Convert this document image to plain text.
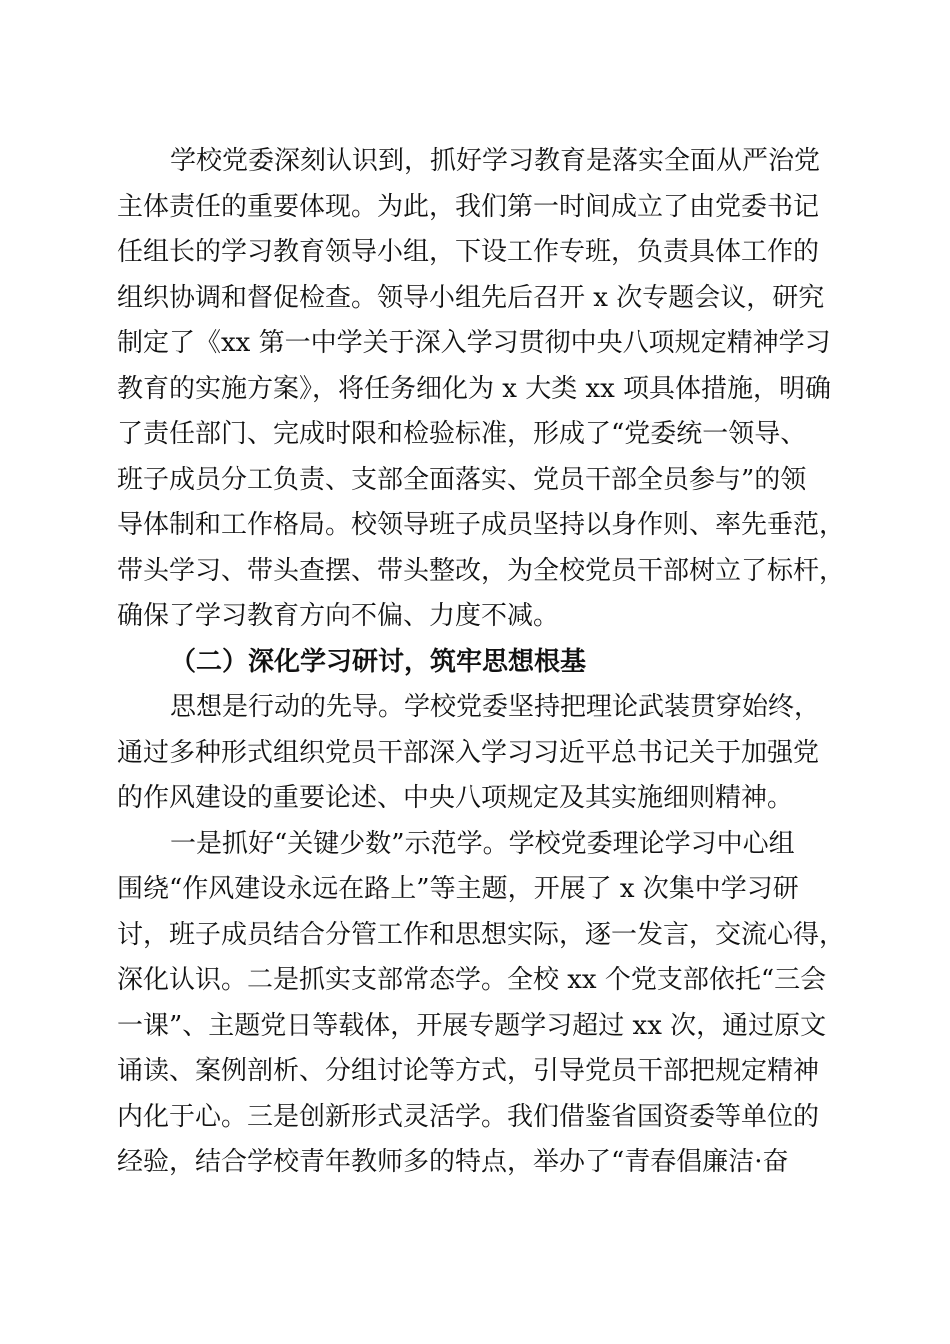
学校党委深刻认识到，抓好学习教育是落实全面从严治党
主体责任的重要体现。为此，我们第一时间成立了由党委书记
任组长的学习教育领导小组，下设工作专班，负责具体工作的
组织协调和督促检查。领导小组先后召开 x 次专题会议，研究
制定了《xx 第一中学关于深入学习贯彻中央八项规定精神学习
教育的实施方案》，将任务细化为 x 大类 xx 项具体措施，明确
了责任部门、完成时限和检验标准，形成了“党委统一领导、
班子成员分工负责、支部全面落实、党员干部全员参与”的领
导体制和工作格局。校领导班子成员坚持以身作则、率先垂范，
带头学习、带头查摆、带头整改，为全校党员干部树立了标杆，
确保了学习教育方向不偏、力度不减。
（二）深化学习研讨，筑牢思想根基
思想是行动的先导。学校党委坚持把理论武装贯穿始终，
通过多种形式组织党员干部深入学习习近平总书记关于加强党
的作风建设的重要论述、中央八项规定及其实施细则精神。
一是抓好“关键少数”示范学。学校党委理论学习中心组
围绕“作风建设永远在路上”等主题，开展了 x 次集中学习研
讨，班子成员结合分管工作和思想实际，逐一发言，交流心得，
深化认识。二是抓实支部常态学。全校 xx 个党支部依托“三会
一课”、主题党日等载体，开展专题学习超过 xx 次，通过原文
诵读、案例剖析、分组讨论等方式，引导党员干部把规定精神
内化于心。三是创新形式灵活学。我们借鉴省国资委等单位的
经验，结合学校青年教师多的特点，举办了“青春倡廉洁·奋
